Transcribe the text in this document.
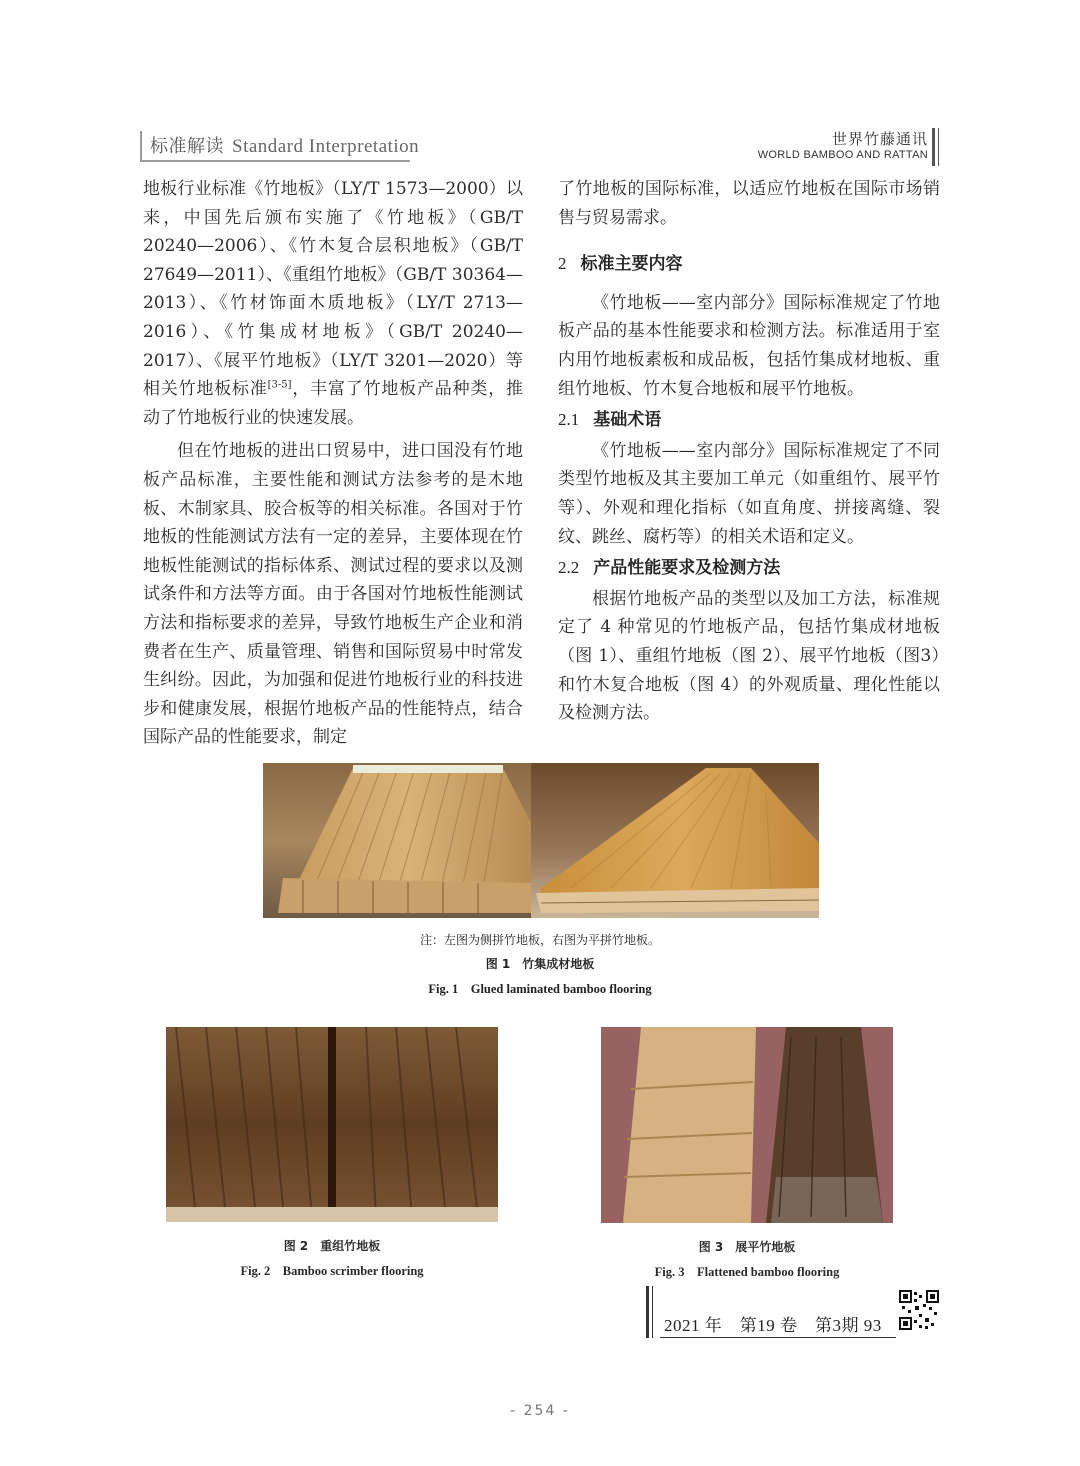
标准解读 Standard Interpretation	世界竹藤通讯
WORLD BAMBOO AND RATTAN

地板行业标准《竹地板》（LY/T 1573—2000）以来，中国先后颁布实施了《竹地板》（GB/T 20240—2006）、《竹木复合层积地板》（GB/T 27649—2011）、《重组竹地板》（GB/T 30364—2013）、《竹材饰面木质地板》（LY/T 2713—2016）、《竹集成材地板》（GB/T 20240—2017）、《展平竹地板》（LY/T 3201—2020）等相关竹地板标准[3-5]，丰富了竹地板产品种类，推动了竹地板行业的快速发展。

但在竹地板的进出口贸易中，进口国没有竹地板产品标准，主要性能和测试方法参考的是木地板、木制家具、胶合板等的相关标准。各国对于竹地板的性能测试方法有一定的差异，主要体现在竹地板性能测试的指标体系、测试过程的要求以及测试条件和方法等方面。由于各国对竹地板性能测试方法和指标要求的差异，导致竹地板生产企业和消费者在生产、质量管理、销售和国际贸易中时常发生纠纷。因此，为加强和促进竹地板行业的科技进步和健康发展，根据竹地板产品的性能特点，结合国际产品的性能要求，制定

了竹地板的国际标准，以适应竹地板在国际市场销售与贸易需求。

2 标准主要内容

《竹地板——室内部分》国际标准规定了竹地板产品的基本性能要求和检测方法。标准适用于室内用竹地板素板和成品板，包括竹集成材地板、重组竹地板、竹木复合地板和展平竹地板。

2.1 基础术语

《竹地板——室内部分》国际标准规定了不同类型竹地板及其主要加工单元（如重组竹、展平竹等）、外观和理化指标（如直角度、拼接离缝、裂纹、跳丝、腐朽等）的相关术语和定义。

2.2 产品性能要求及检测方法

根据竹地板产品的类型以及加工方法，标准规定了 4 种常见的竹地板产品，包括竹集成材地板（图 1）、重组竹地板（图 2）、展平竹地板（图3）和竹木复合地板（图 4）的外观质量、理化性能以及检测方法。

注：左图为侧拼竹地板，右图为平拼竹地板。
图 1　竹集成材地板
Fig. 1　Glued laminated bamboo flooring
图 2　重组竹地板
Fig. 2　Bamboo scrimber flooring
图 3　展平竹地板
Fig. 3　Flattened bamboo flooring
2021 年　第19 卷　第3期 93
- 254 -
